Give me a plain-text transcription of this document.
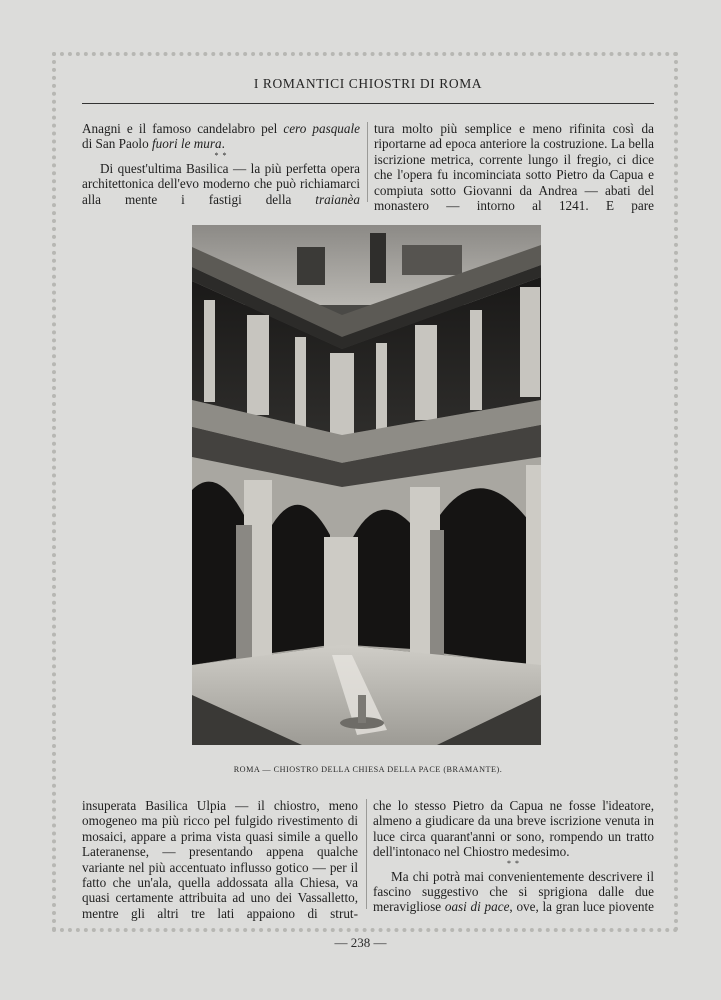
I ROMANTICI CHIOSTRI DI ROMA

Anagni e il famoso candelabro pel cero pasquale

di San Paolo fuori le mura.

* *

Di quest'ultima Basilica — la più perfetta opera architettonica dell'evo moderno che può richiamarci alla mente i fastigi della traianèa

tura molto più semplice e meno rifinita così da riportarne ad epoca anteriore la costruzione. La bella iscrizione metrica, corrente lungo il fregio, ci dice che l'opera fu incominciata sotto Pietro da Capua e compiuta sotto Giovanni da Andrea — abati del monastero — intorno al 1241. E pare

ROMA — CHIOSTRO DELLA CHIESA DELLA PACE (BRAMANTE).

insuperata Basilica Ulpia — il chiostro, meno omogeneo ma più ricco pel fulgido rivestimento di mosaici, appare a prima vista quasi simile a quello Lateranense, — presentando appena qualche variante nel più accentuato influsso gotico — per il fatto che un'ala, quella addossata alla Chiesa, va quasi certamente attribuita ad uno dei Vassalletto, mentre gli altri tre lati appaiono di strut-

che lo stesso Pietro da Capua ne fosse l'ideatore, almeno a giudicare da una breve iscrizione venuta in luce circa quarant'anni or sono, rompendo un tratto dell'intonaco nel Chiostro medesimo.

* *

Ma chi potrà mai convenientemente descrivere il fascino suggestivo che si sprigiona dalle due meravigliose oasi di pace, ove, la gran luce piovente

— 238 —
